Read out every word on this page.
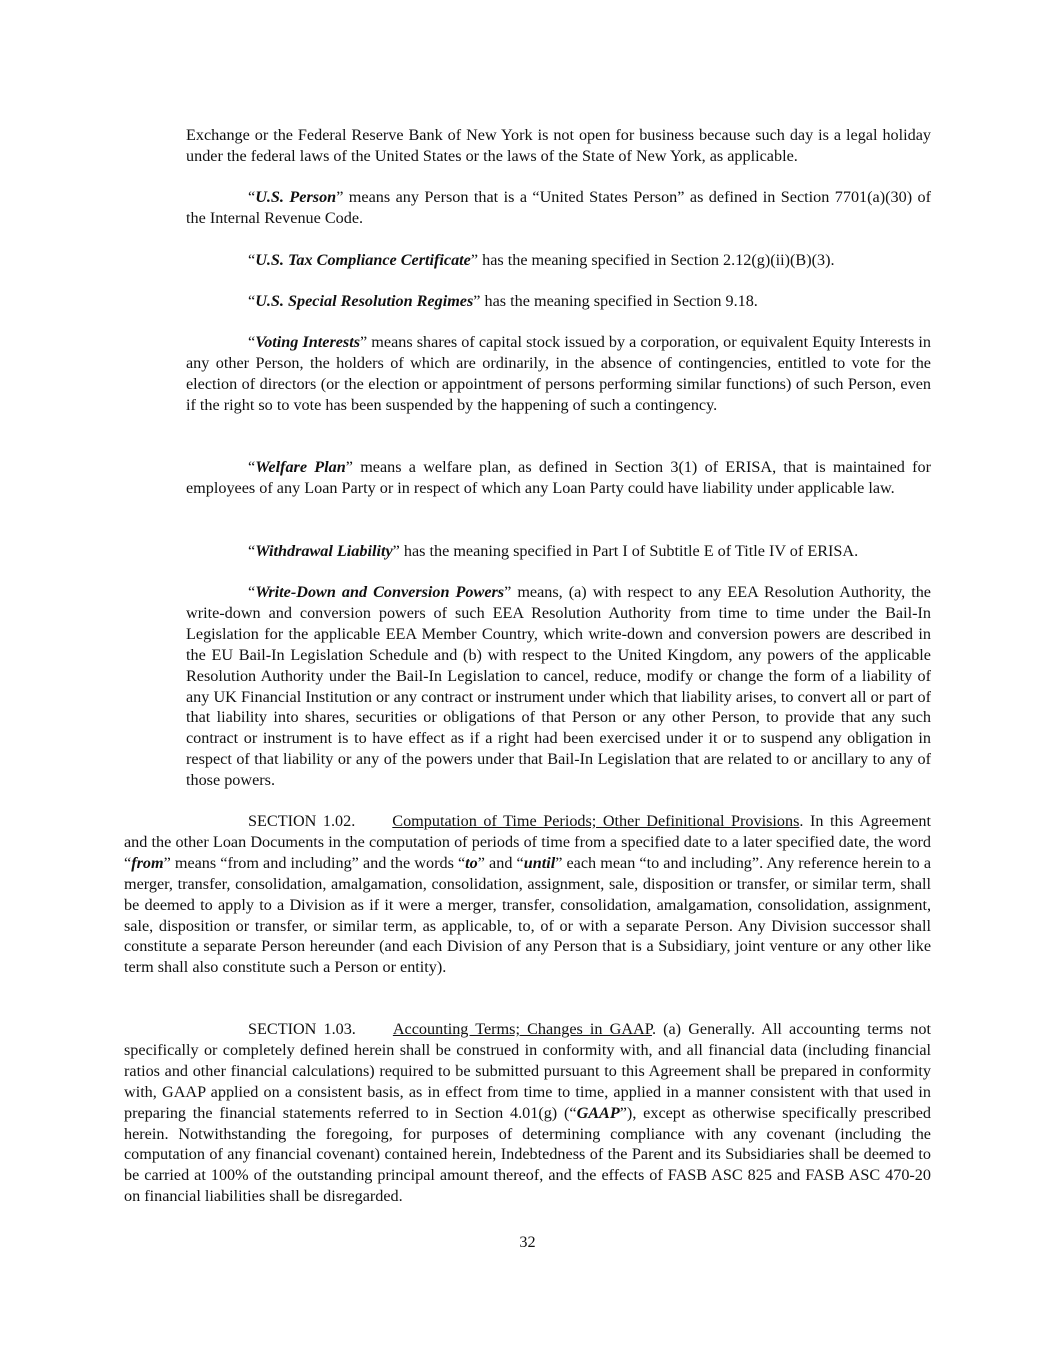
Exchange or the Federal Reserve Bank of New York is not open for business because such day is a legal holiday under the federal laws of the United States or the laws of the State of New York, as applicable.

“U.S. Person” means any Person that is a “United States Person” as defined in Section 7701(a)(30) of the Internal Revenue Code.

“U.S. Tax Compliance Certificate” has the meaning specified in Section 2.12(g)(ii)(B)(3).

“U.S. Special Resolution Regimes” has the meaning specified in Section 9.18.

“Voting Interests” means shares of capital stock issued by a corporation, or equivalent Equity Interests in any other Person, the holders of which are ordinarily, in the absence of contingencies, entitled to vote for the election of directors (or the election or appointment of persons performing similar functions) of such Person, even if the right so to vote has been suspended by the happening of such a contingency.

“Welfare Plan” means a welfare plan, as defined in Section 3(1) of ERISA, that is maintained for employees of any Loan Party or in respect of which any Loan Party could have liability under applicable law.

“Withdrawal Liability” has the meaning specified in Part I of Subtitle E of Title IV of ERISA.

“Write-Down and Conversion Powers” means, (a) with respect to any EEA Resolution Authority, the write-down and conversion powers of such EEA Resolution Authority from time to time under the Bail-In Legislation for the applicable EEA Member Country, which write-down and conversion powers are described in the EU Bail-In Legislation Schedule and (b) with respect to the United Kingdom, any powers of the applicable Resolution Authority under the Bail-In Legislation to cancel, reduce, modify or change the form of a liability of any UK Financial Institution or any contract or instrument under which that liability arises, to convert all or part of that liability into shares, securities or obligations of that Person or any other Person, to provide that any such contract or instrument is to have effect as if a right had been exercised under it or to suspend any obligation in respect of that liability or any of the powers under that Bail-In Legislation that are related to or ancillary to any of those powers.

SECTION 1.02. Computation of Time Periods; Other Definitional Provisions. In this Agreement and the other Loan Documents in the computation of periods of time from a specified date to a later specified date, the word “from” means “from and including” and the words “to” and “until” each mean “to and including”. Any reference herein to a merger, transfer, consolidation, amalgamation, consolidation, assignment, sale, disposition or transfer, or similar term, shall be deemed to apply to a Division as if it were a merger, transfer, consolidation, amalgamation, consolidation, assignment, sale, disposition or transfer, or similar term, as applicable, to, of or with a separate Person. Any Division successor shall constitute a separate Person hereunder (and each Division of any Person that is a Subsidiary, joint venture or any other like term shall also constitute such a Person or entity).

SECTION 1.03. Accounting Terms; Changes in GAAP. (a) Generally. All accounting terms not specifically or completely defined herein shall be construed in conformity with, and all financial data (including financial ratios and other financial calculations) required to be submitted pursuant to this Agreement shall be prepared in conformity with, GAAP applied on a consistent basis, as in effect from time to time, applied in a manner consistent with that used in preparing the financial statements referred to in Section 4.01(g) (“GAAP”), except as otherwise specifically prescribed herein. Notwithstanding the foregoing, for purposes of determining compliance with any covenant (including the computation of any financial covenant) contained herein, Indebtedness of the Parent and its Subsidiaries shall be deemed to be carried at 100% of the outstanding principal amount thereof, and the effects of FASB ASC 825 and FASB ASC 470-20 on financial liabilities shall be disregarded.

32
